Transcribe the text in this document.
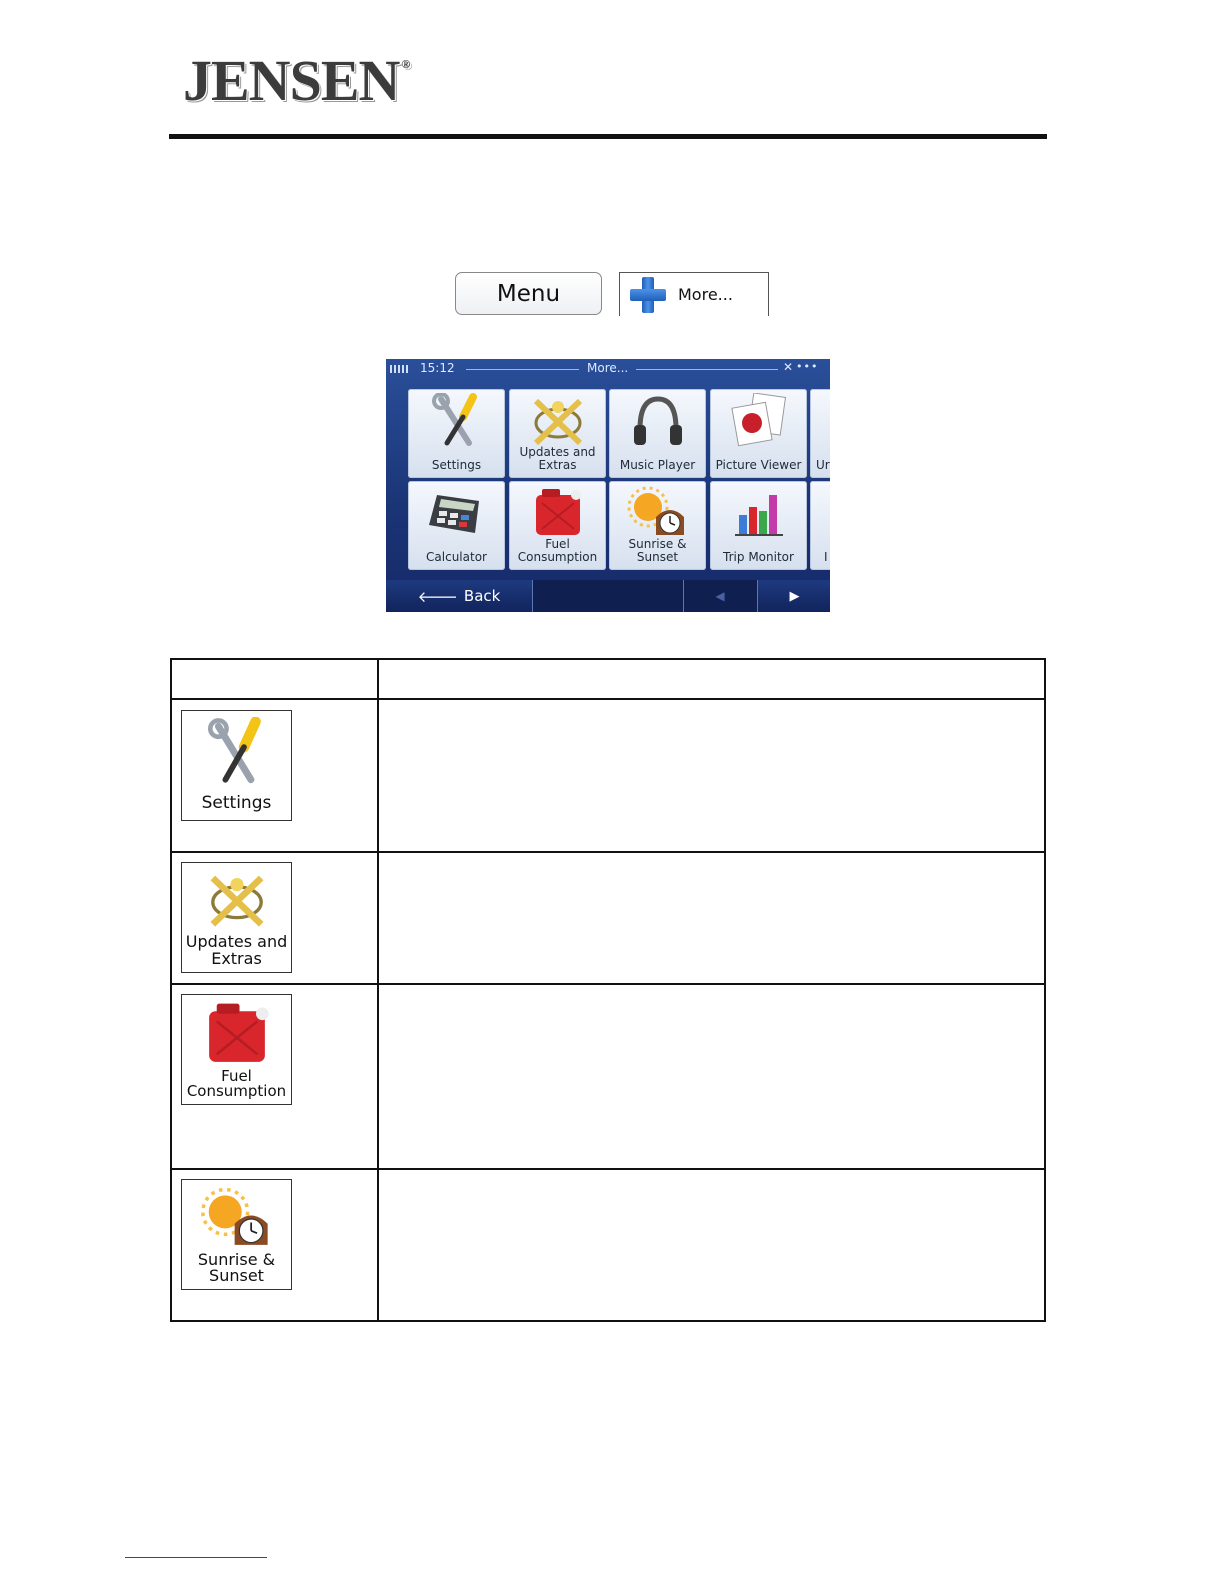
JENSEN ®
Menu	More...
15:12	More...	✕ •••
Settings
Updates and
Extras	Music Player	Picture Viewer	Ur
Calculator
Fuel
Consumption
Sunrise &
Sunset	Trip Monitor	I
🡐 Back	◀	▶
Settings
Updates and
Extras
Fuel
Consumption
Sunrise &
Sunset
